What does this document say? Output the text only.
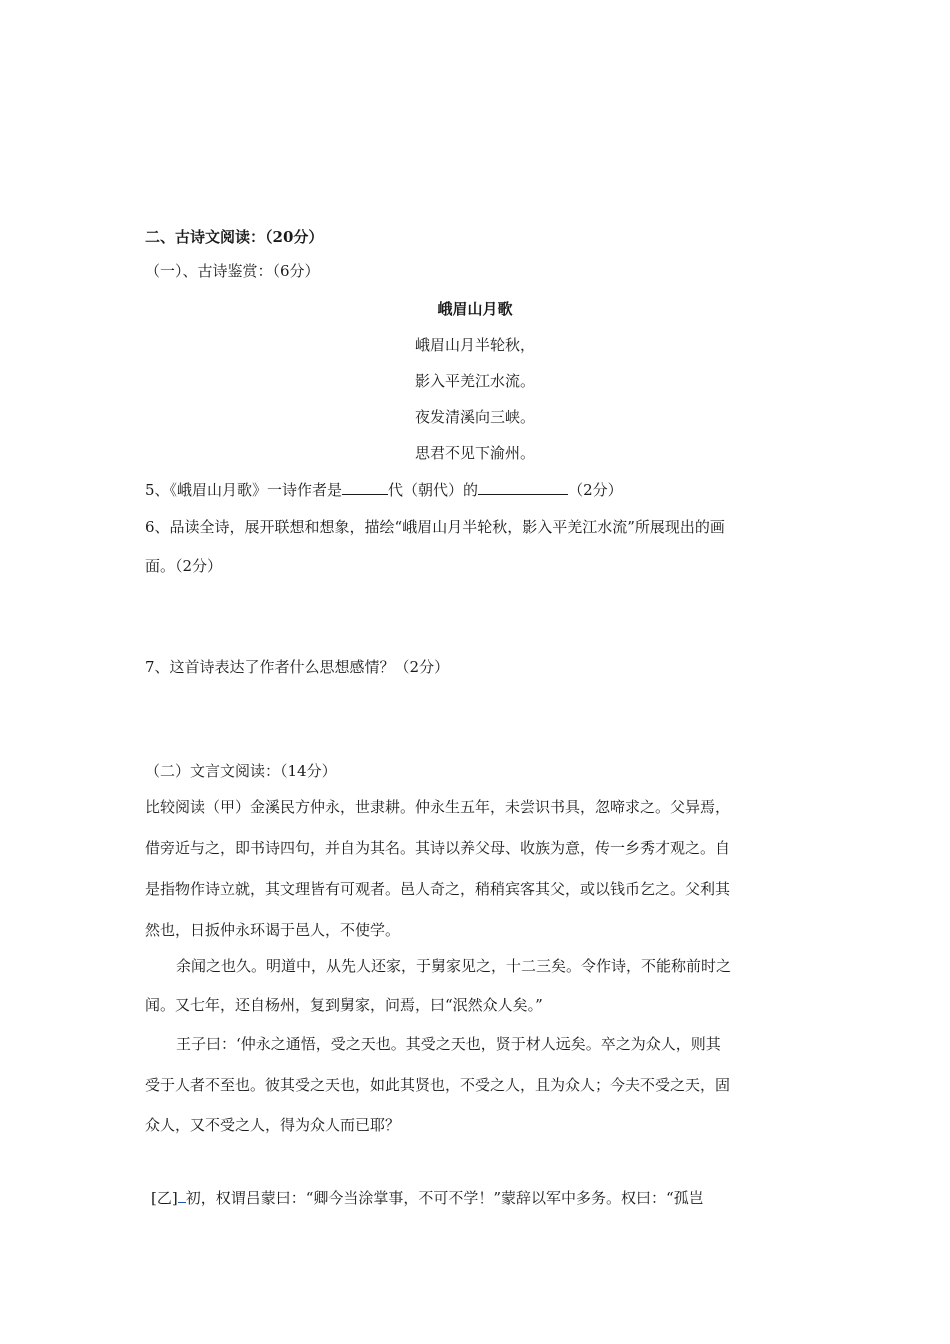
二、古诗文阅读：（20分）
（一）、古诗鉴赏：（6分）
峨眉山月歌
峨眉山月半轮秋，
影入平羌江水流。
夜发清溪向三峡。
思君不见下渝州。
5、《峨眉山月歌》一诗作者是	代（朝代）的	（2分）
6、品读全诗，展开联想和想象，描绘“峨眉山月半轮秋，影入平羌江水流”所展现出的画
面。（2分）
7、这首诗表达了作者什么思想感情？（2分）
（二）文言文阅读：（14分）
比较阅读（甲）金溪民方仲永，世隶耕。仲永生五年，未尝识书具，忽啼求之。父异焉，
借旁近与之，即书诗四句，并自为其名。其诗以养父母、收族为意，传一乡秀才观之。自
是指物作诗立就，其文理皆有可观者。邑人奇之，稍稍宾客其父，或以钱币乞之。父利其
然也，日扳仲永环谒于邑人，不使学。
余闻之也久。明道中，从先人还家，于舅家见之，十二三矣。令作诗，不能称前时之
闻。又七年，还自杨州，复到舅家，问焉，曰“泯然众人矣。”
王子曰：‘仲永之通悟，受之天也。其受之天也，贤于材人远矣。卒之为众人，则其
受于人者不至也。彼其受之天也，如此其贤也，不受之人，且为众人；今夫不受之天，固
众人，又不受之人，得为众人而已耶？
[乙] 初，权谓吕蒙曰：“卿今当涂掌事，不可不学！”蒙辞以军中多务。权曰：“孤岂
